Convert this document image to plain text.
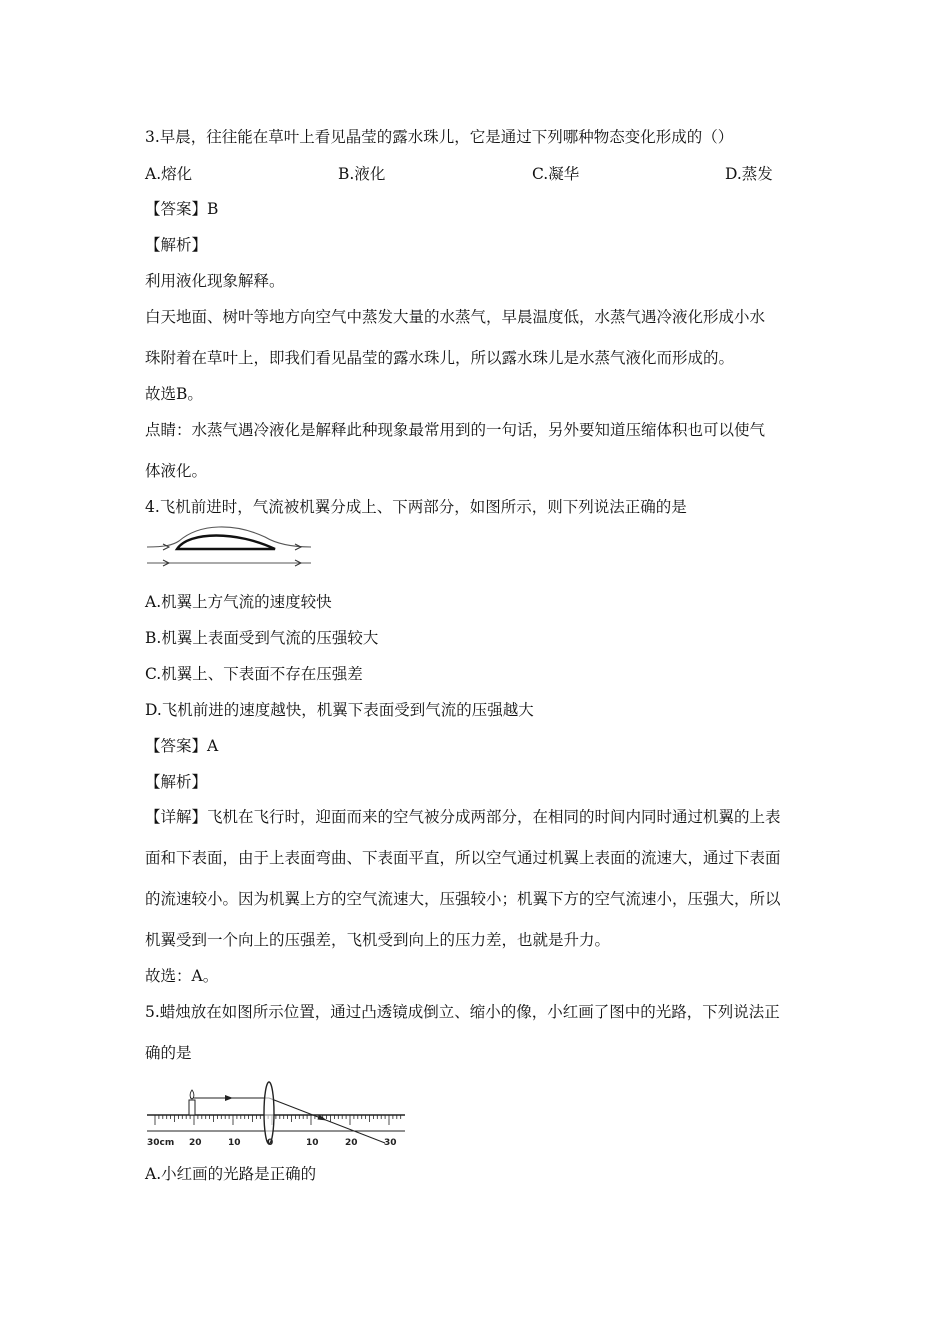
3.早晨，往往能在草叶上看见晶莹的露水珠儿，它是通过下列哪种物态变化形成的（）
A.熔化	B.液化	C.凝华	D.蒸发
【答案】B
【解析】
利用液化现象解释。
白天地面、树叶等地方向空气中蒸发大量的水蒸气，早晨温度低，水蒸气遇冷液化形成小水
珠附着在草叶上，即我们看见晶莹的露水珠儿，所以露水珠儿是水蒸气液化而形成的。
故选B。
点睛：水蒸气遇冷液化是解释此种现象最常用到的一句话，另外要知道压缩体积也可以使气
体液化。
4.飞机前进时，气流被机翼分成上、下两部分，如图所示，则下列说法正确的是
A.机翼上方气流的速度较快
B.机翼上表面受到气流的压强较大
C.机翼上、下表面不存在压强差
D.飞机前进的速度越快，机翼下表面受到气流的压强越大
【答案】A
【解析】
【详解】飞机在飞行时，迎面而来的空气被分成两部分，在相同的时间内同时通过机翼的上表
面和下表面，由于上表面弯曲、下表面平直，所以空气通过机翼上表面的流速大，通过下表面
的流速较小。因为机翼上方的空气流速大，压强较小；机翼下方的空气流速小，压强大，所以
机翼受到一个向上的压强差，飞机受到向上的压力差，也就是升力。
故选：A。
5.蜡烛放在如图所示位置，通过凸透镜成倒立、缩小的像，小红画了图中的光路，下列说法正
确的是
30cm 20	10	0	10	20	30
A.小红画的光路是正确的
